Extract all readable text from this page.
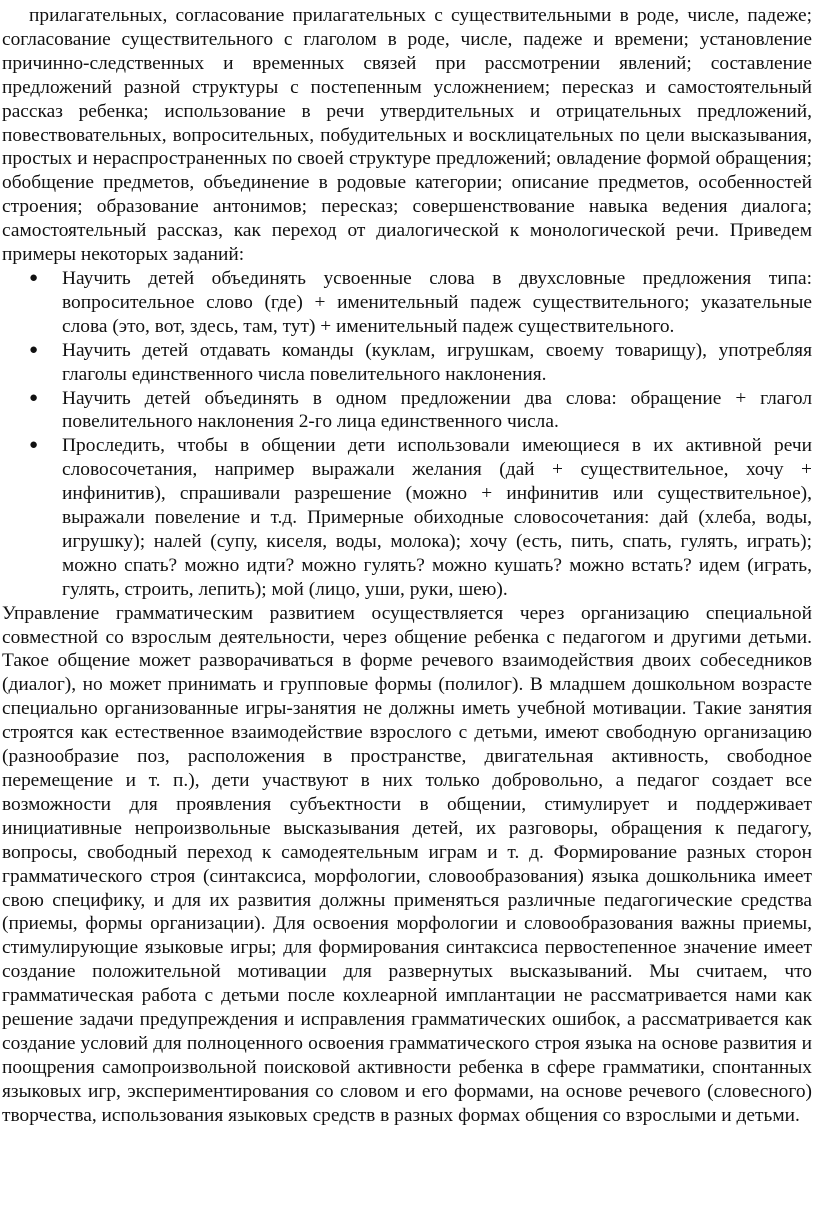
прилагательных, согласование прилагательных с существительными в роде, числе, падеже; согласование существительного с глаголом в роде, числе, падеже и времени; установление причинно-следственных и временных связей при рассмотрении явлений; составление предложений разной структуры с постепенным усложнением; пересказ и самостоятельный рассказ ребенка; использование в речи утвердительных и отрицательных предложений, повествовательных, вопросительных, побудительных и восклицательных по цели высказывания, простых и нераспространенных по своей структуре предложений; овладение формой обращения; обобщение предметов, объединение в родовые категории; описание предметов, особенностей строения; образование антонимов; пересказ; совершенствование навыка ведения диалога; самостоятельный рассказ, как переход от диалогической к монологической речи. Приведем примеры некоторых заданий:

● Научить детей объединять усвоенные слова в двухсловные предложения типа: вопросительное слово (где) + именительный падеж существительного; указательные слова (это, вот, здесь, там, тут) + именительный падеж существительного.
● Научить детей отдавать команды (куклам, игрушкам, своему товарищу), употребляя глаголы единственного числа повелительного наклонения.
● Научить детей объединять в одном предложении два слова: обращение + глагол повелительного наклонения 2-го лица единственного числа.
● Проследить, чтобы в общении дети использовали имеющиеся в их активной речи словосочетания, например выражали желания (дай + существительное, хочу + инфинитив), спрашивали разрешение (можно + инфинитив или существительное), выражали повеление и т.д. Примерные обиходные словосочетания: дай (хлеба, воды, игрушку); налей (супу, киселя, воды, молока); хочу (есть, пить, спать, гулять, играть); можно спать? можно идти? можно гулять? можно кушать? можно встать? идем (играть, гулять, строить, лепить); мой (лицо, уши, руки, шею).

Управление грамматическим развитием осуществляется через организацию специальной совместной со взрослым деятельности, через общение ребенка с педагогом и другими детьми. Такое общение может разворачиваться в форме речевого взаимодействия двоих собеседников (диалог), но может принимать и групповые формы (полилог). В младшем дошкольном возрасте специально организованные игры-занятия не должны иметь учебной мотивации. Такие занятия строятся как естественное взаимодействие взрослого с детьми, имеют свободную организацию (разнообразие поз, расположения в пространстве, двигательная активность, свободное перемещение и т. п.), дети участвуют в них только добровольно, а педагог создает все возможности для проявления субъектности в общении, стимулирует и поддерживает инициативные непроизвольные высказывания детей, их разговоры, обращения к педагогу, вопросы, свободный переход к самодеятельным играм и т. д. Формирование разных сторон грамматического строя (синтаксиса, морфологии, словообразования) языка дошкольника имеет свою специфику, и для их развития должны применяться различные педагогические средства (приемы, формы организации). Для освоения морфологии и словообразования важны приемы, стимулирующие языковые игры; для формирования синтаксиса первостепенное значение имеет создание положительной мотивации для развернутых высказываний. Мы считаем, что грамматическая работа с детьми после кохлеарной имплантации не рассматривается нами как решение задачи предупреждения и исправления грамматических ошибок, а рассматривается как создание условий для полноценного освоения грамматического строя языка на основе развития и поощрения самопроизвольной поисковой активности ребенка в сфере грамматики, спонтанных языковых игр, экспериментирования со словом и его формами, на основе речевого (словесного) творчества, использования языковых средств в разных формах общения со взрослыми и детьми.
